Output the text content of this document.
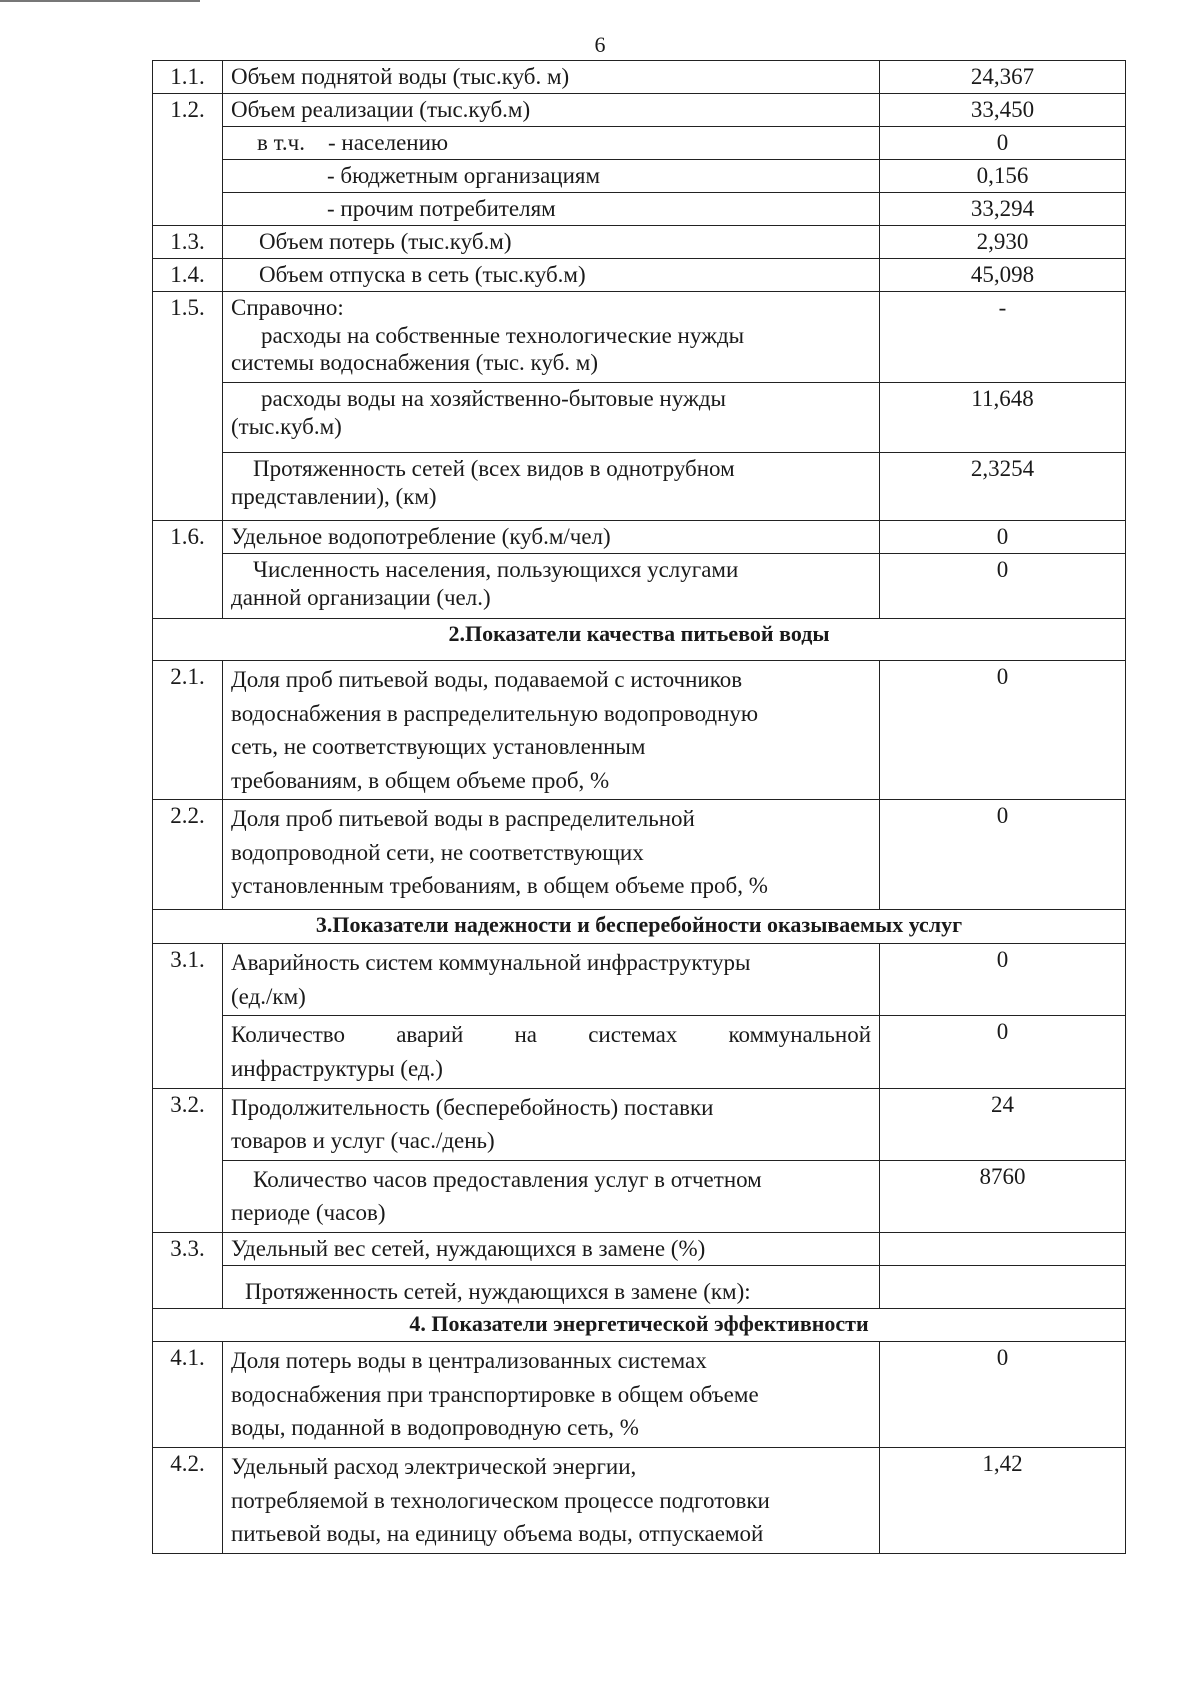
6
1.1.	Объем поднятой воды (тыс.куб. м)	24,367
1.2.	Объем реализации (тыс.куб.м)	33,450
	в т.ч.    - населению	0
	- бюджетным организациям	0,156
	- прочим потребителям	33,294
1.3.	Объем потерь (тыс.куб.м)	2,930
1.4.	Объем отпуска в сеть (тыс.куб.м)	45,098
1.5.	Справочно:
расходы на собственные технологические нужды
системы водоснабжения (тыс. куб. м)	-

	расходы воды на хозяйственно-бытовые нужды
(тыс.куб.м)	11,648

	Протяженность сетей (всех видов в однотрубном
представлении), (км)	2,3254
1.6.	Удельное водопотребление (куб.м/чел)	0

	Численность населения, пользующихся услугами
данной организации (чел.)	0
2.Показатели качества питьевой воды		
2.1.	Доля проб питьевой воды, подаваемой с источников
водоснабжения в распределительную водопроводную
сеть, не соответствующих установленным
требованиям, в общем объеме проб, %	0
2.2.	Доля проб питьевой воды в распределительной
водопроводной сети, не соответствующих
установленным требованиям, в общем объеме проб, %	0
3.Показатели надежности и бесперебойности оказываемых услуг		
3.1.	Аварийность систем коммунальной инфраструктуры
(ед./км)	0

	Количество аварий на системах коммунальной
инфраструктуры (ед.)	0
3.2.	Продолжительность (бесперебойность) поставки
товаров и услуг (час./день)	24

	Количество часов предоставления услуг в отчетном
периоде (часов)	8760
3.3.	Удельный вес сетей, нуждающихся в замене (%)	
	Протяженность сетей, нуждающихся в замене (км):	
4. Показатели энергетической эффективности		
4.1.	Доля потерь воды в централизованных системах
водоснабжения при транспортировке в общем объеме
воды, поданной в водопроводную сеть, %	0
4.2.	Удельный расход электрической энергии,
потребляемой в технологическом процессе подготовки
питьевой воды, на единицу объема воды, отпускаемой	1,42
